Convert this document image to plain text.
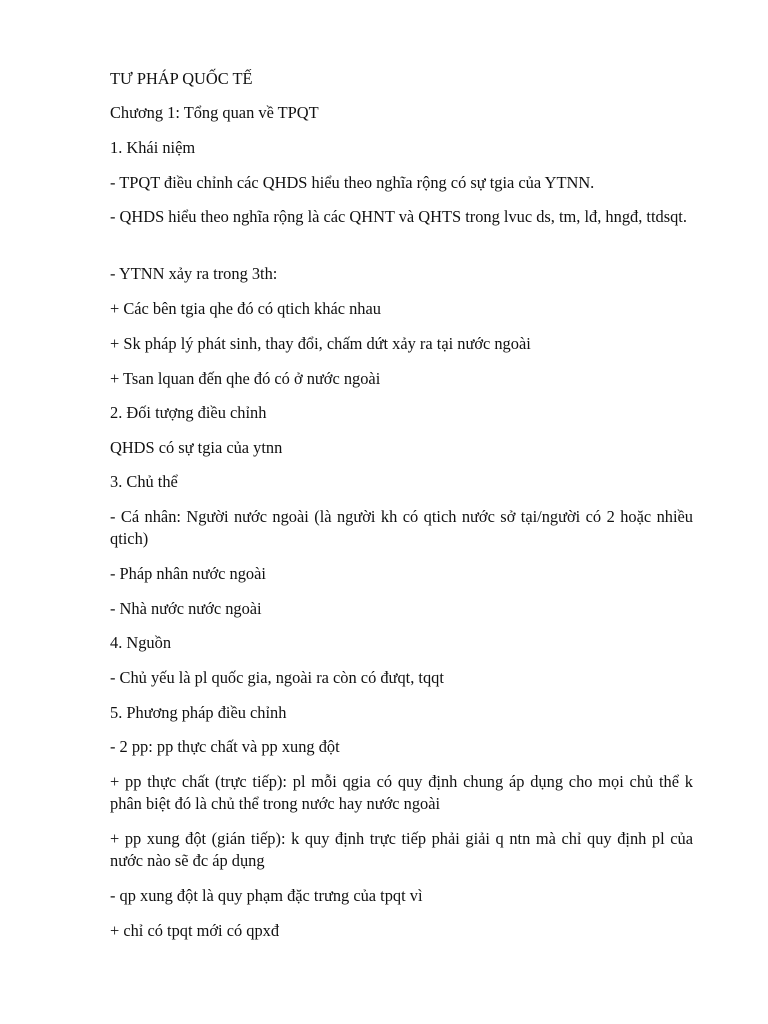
TƯ PHÁP QUỐC TẾ

Chương 1: Tổng quan về TPQT

1. Khái niệm

- TPQT điều chỉnh các QHDS hiểu theo nghĩa rộng có sự tgia của YTNN.

- QHDS hiểu theo nghĩa rộng là các QHNT và QHTS trong lvuc ds, tm, lđ, hngđ, ttdsqt.

- YTNN xảy ra trong 3th:

+ Các bên tgia qhe đó có qtich khác nhau

+ Sk pháp lý phát sinh, thay đổi, chấm dứt xảy ra tại nước ngoài

+ Tsan lquan đến qhe đó có ở nước ngoài

2. Đối tượng điều chỉnh

QHDS có sự tgia của ytnn

3. Chủ thể

- Cá nhân: Người nước ngoài (là người kh có qtich nước sở tại/người có 2 hoặc nhiều qtich)

- Pháp nhân nước ngoài

- Nhà nước nước ngoài

4. Nguồn

- Chủ yếu là pl quốc gia, ngoài ra còn có đưqt, tqqt

5. Phương pháp điều chỉnh

- 2 pp: pp thực chất và pp xung đột

+ pp thực chất (trực tiếp): pl mỗi qgia có quy định chung áp dụng cho mọi chủ thể k phân biệt đó là chủ thể trong nước hay nước ngoài

+ pp xung đột (gián tiếp): k quy định trực tiếp phải giải q ntn mà chỉ quy định pl của nước nào sẽ đc áp dụng

- qp xung đột là quy phạm đặc trưng của tpqt vì

+ chỉ có tpqt mới có qpxđ
